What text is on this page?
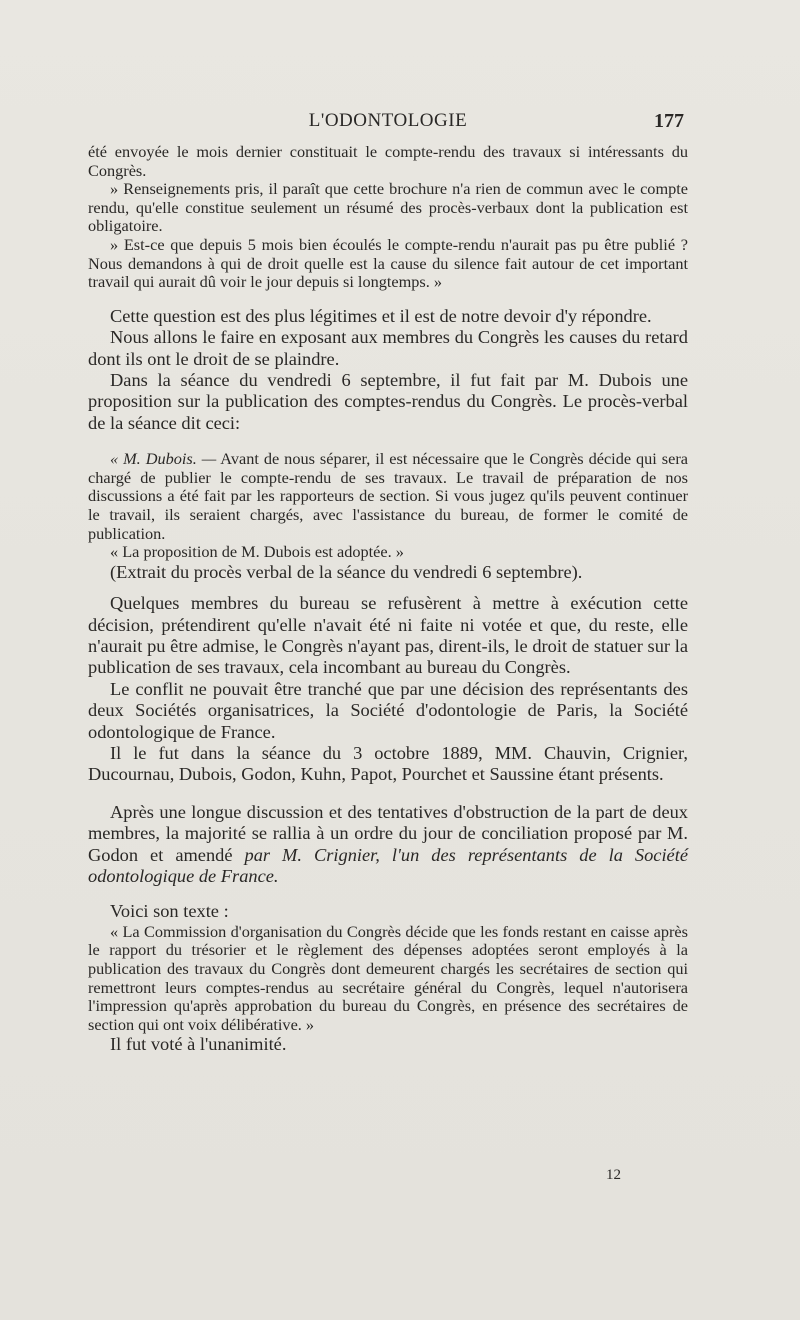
L'ODONTOLOGIE	177

été envoyée le mois dernier constituait le compte-rendu des travaux si intéressants du Congrès.

» Renseignements pris, il paraît que cette brochure n'a rien de commun avec le compte rendu, qu'elle constitue seulement un résumé des procès-verbaux dont la publication est obligatoire.

» Est-ce que depuis 5 mois bien écoulés le compte-rendu n'aurait pas pu être publié ? Nous demandons à qui de droit quelle est la cause du silence fait autour de cet important travail qui aurait dû voir le jour depuis si longtemps. »

Cette question est des plus légitimes et il est de notre devoir d'y répondre.

Nous allons le faire en exposant aux membres du Congrès les causes du retard dont ils ont le droit de se plaindre.

Dans la séance du vendredi 6 septembre, il fut fait par M. Dubois une proposition sur la publication des comptes-rendus du Congrès. Le procès-verbal de la séance dit ceci:

« M. Dubois. — Avant de nous séparer, il est nécessaire que le Congrès décide qui sera chargé de publier le compte-rendu de ses travaux. Le travail de préparation de nos discussions a été fait par les rapporteurs de section. Si vous jugez qu'ils peuvent continuer le travail, ils seraient chargés, avec l'assistance du bureau, de former le comité de publication.

« La proposition de M. Dubois est adoptée. »

(Extrait du procès verbal de la séance du vendredi 6 septembre).

Quelques membres du bureau se refusèrent à mettre à exécution cette décision, prétendirent qu'elle n'avait été ni faite ni votée et que, du reste, elle n'aurait pu être admise, le Congrès n'ayant pas, dirent-ils, le droit de statuer sur la publication de ses travaux, cela incombant au bureau du Congrès.

Le conflit ne pouvait être tranché que par une décision des représentants des deux Sociétés organisatrices, la Société d'odontologie de Paris, la Société odontologique de France.

Il le fut dans la séance du 3 octobre 1889, MM. Chauvin, Crignier, Ducournau, Dubois, Godon, Kuhn, Papot, Pourchet et Saussine étant présents.

Après une longue discussion et des tentatives d'obstruction de la part de deux membres, la majorité se rallia à un ordre du jour de conciliation proposé par M. Godon et amendé par M. Crignier, l'un des représentants de la Société odontologique de France.

Voici son texte :

« La Commission d'organisation du Congrès décide que les fonds restant en caisse après le rapport du trésorier et le règlement des dépenses adoptées seront employés à la publication des travaux du Congrès dont demeurent chargés les secrétaires de section qui remettront leurs comptes-rendus au secrétaire général du Congrès, lequel n'autorisera l'impression qu'après approbation du bureau du Congrès, en présence des secrétaires de section qui ont voix délibérative. »

Il fut voté à l'unanimité.

12
